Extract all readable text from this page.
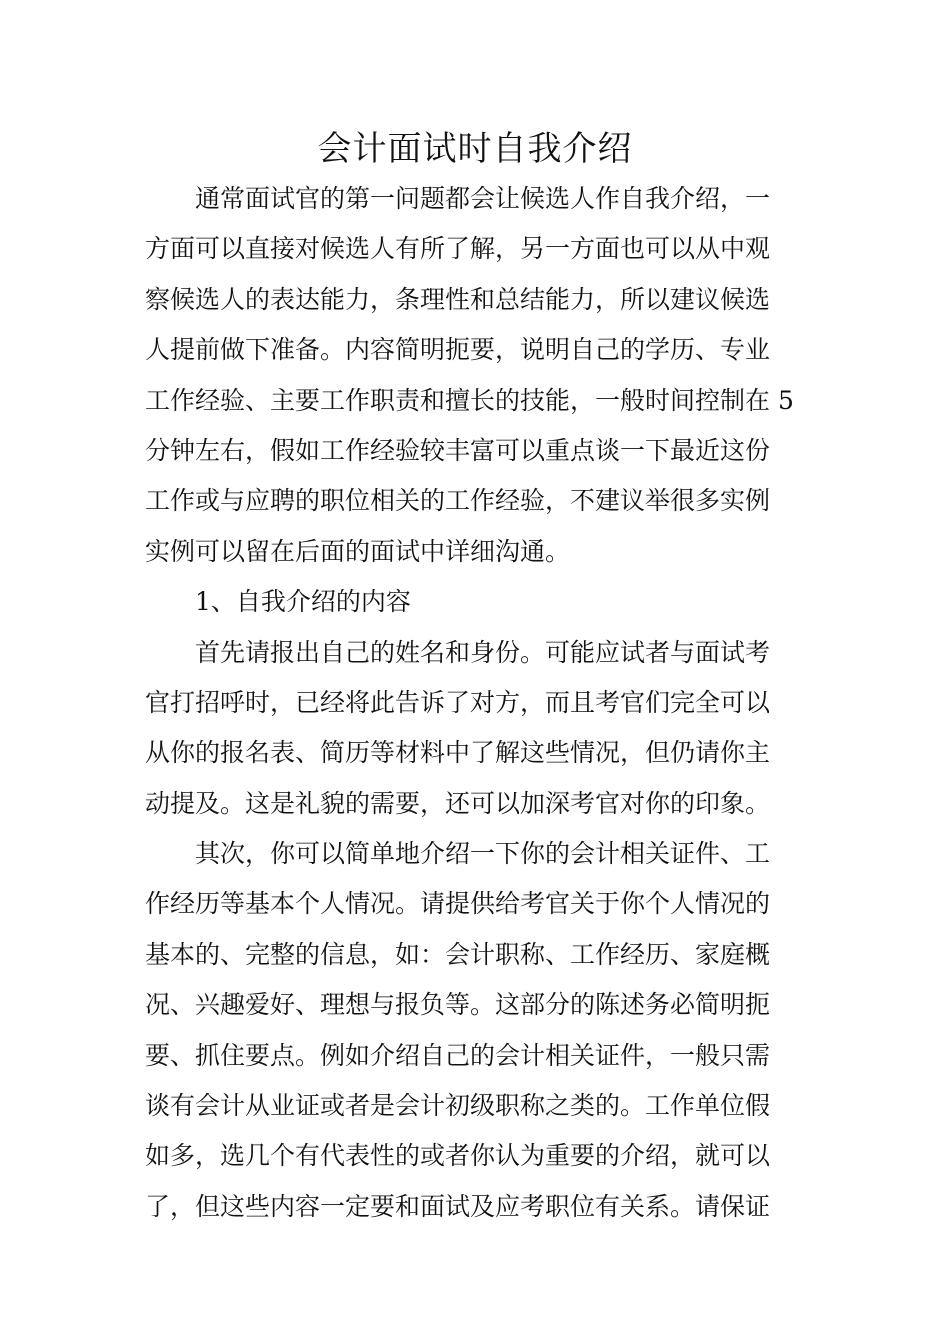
会计面试时自我介绍
　　通常面试官的第一问题都会让候选人作自我介绍，一
方面可以直接对候选人有所了解，另一方面也可以从中观
察候选人的表达能力，条理性和总结能力，所以建议候选
人提前做下准备。内容简明扼要，说明自己的学历、专业
工作经验、主要工作职责和擅长的技能，一般时间控制在 5
分钟左右，假如工作经验较丰富可以重点谈一下最近这份
工作或与应聘的职位相关的工作经验，不建议举很多实例
实例可以留在后面的面试中详细沟通。
　　1、自我介绍的内容
　　首先请报出自己的姓名和身份。可能应试者与面试考
官打招呼时，已经将此告诉了对方，而且考官们完全可以
从你的报名表、简历等材料中了解这些情况，但仍请你主
动提及。这是礼貌的需要，还可以加深考官对你的印象。
　　其次，你可以简单地介绍一下你的会计相关证件、工
作经历等基本个人情况。请提供给考官关于你个人情况的
基本的、完整的信息，如：会计职称、工作经历、家庭概
况、兴趣爱好、理想与报负等。这部分的陈述务必简明扼
要、抓住要点。例如介绍自己的会计相关证件，一般只需
谈有会计从业证或者是会计初级职称之类的。工作单位假
如多，选几个有代表性的或者你认为重要的介绍，就可以
了，但这些内容一定要和面试及应考职位有关系。请保证
